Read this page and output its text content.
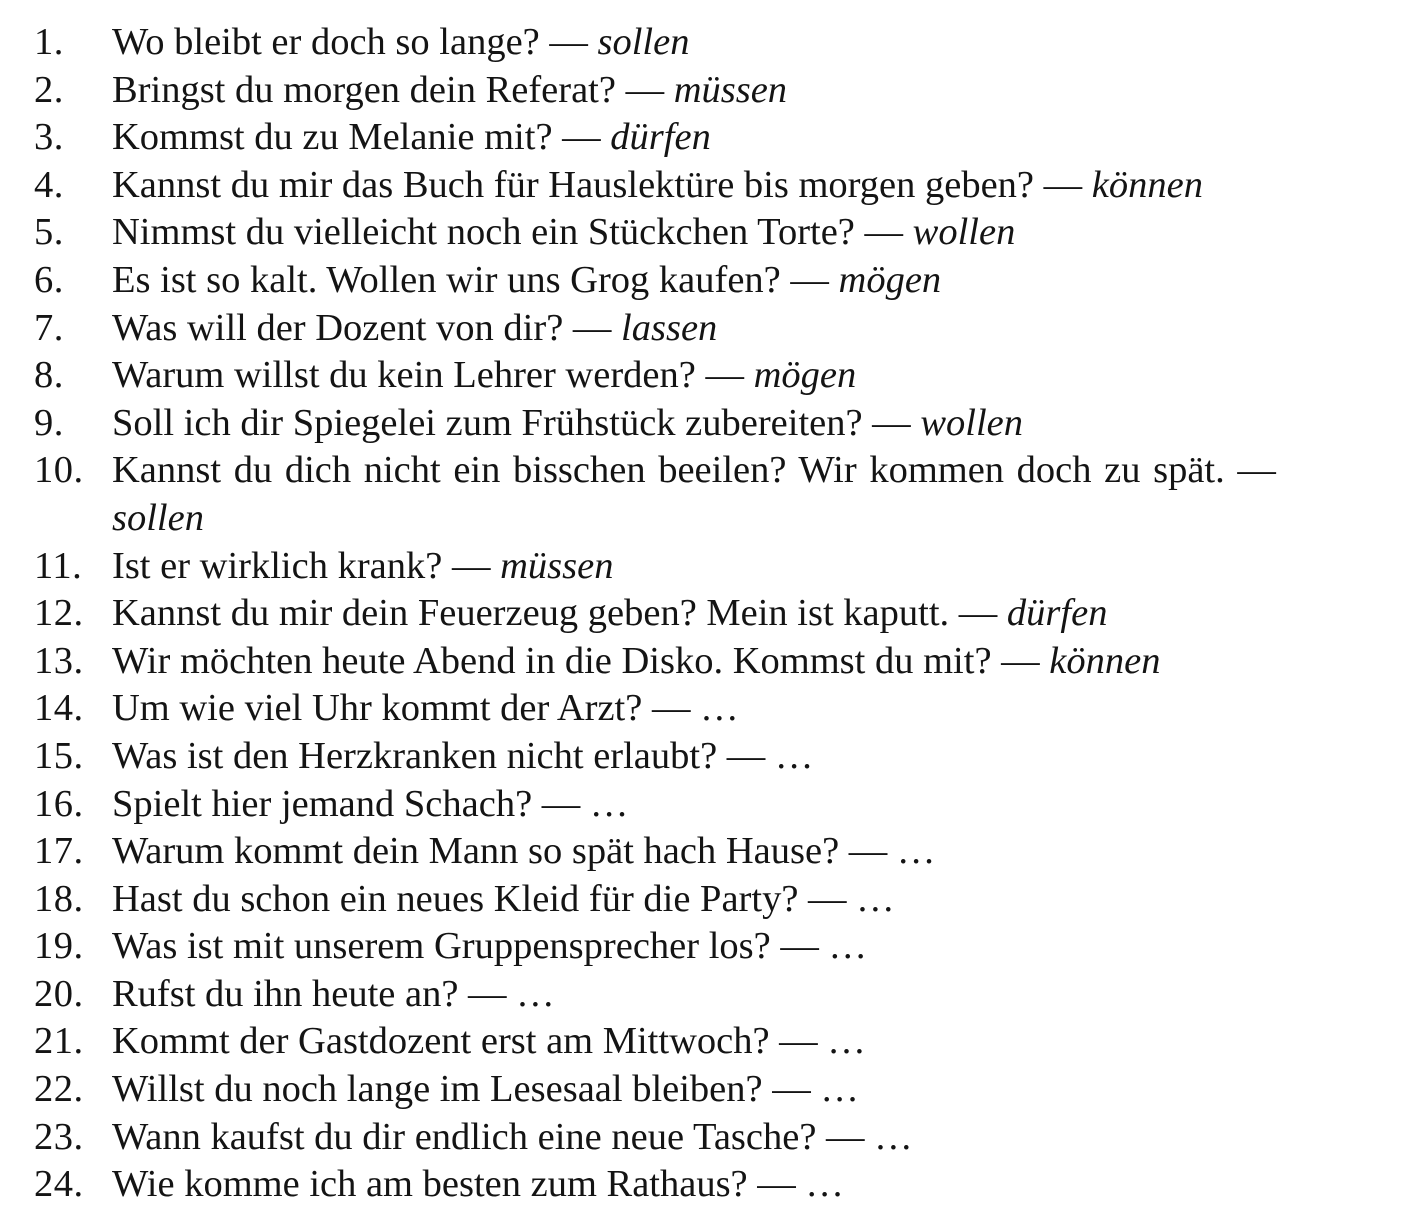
1. Wo bleibt er doch so lange? — sollen
2. Bringst du morgen dein Referat? — müssen
3. Kommst du zu Melanie mit? — dürfen
4. Kannst du mir das Buch für Hauslektüre bis morgen geben? — können
5. Nimmst du vielleicht noch ein Stückchen Torte? — wollen
6. Es ist so kalt. Wollen wir uns Grog kaufen? — mögen
7. Was will der Dozent von dir? — lassen
8. Warum willst du kein Lehrer werden? — mögen
9. Soll ich dir Spiegelei zum Frühstück zubereiten? — wollen
10. Kannst du dich nicht ein bisschen beeilen? Wir kommen doch zu spät. —
sollen
11. Ist er wirklich krank? — müssen
12. Kannst du mir dein Feuerzeug geben? Mein ist kaputt. — dürfen
13. Wir möchten heute Abend in die Disko. Kommst du mit? — können
14. Um wie viel Uhr kommt der Arzt? — …
15. Was ist den Herzkranken nicht erlaubt? — …
16. Spielt hier jemand Schach? — …
17. Warum kommt dein Mann so spät hach Hause? — …
18. Hast du schon ein neues Kleid für die Party? — …
19. Was ist mit unserem Gruppensprecher los? — …
20. Rufst du ihn heute an? — …
21. Kommt der Gastdozent erst am Mittwoch? — …
22. Willst du noch lange im Lesesaal bleiben? — …
23. Wann kaufst du dir endlich eine neue Tasche? — …
24. Wie komme ich am besten zum Rathaus? — …
